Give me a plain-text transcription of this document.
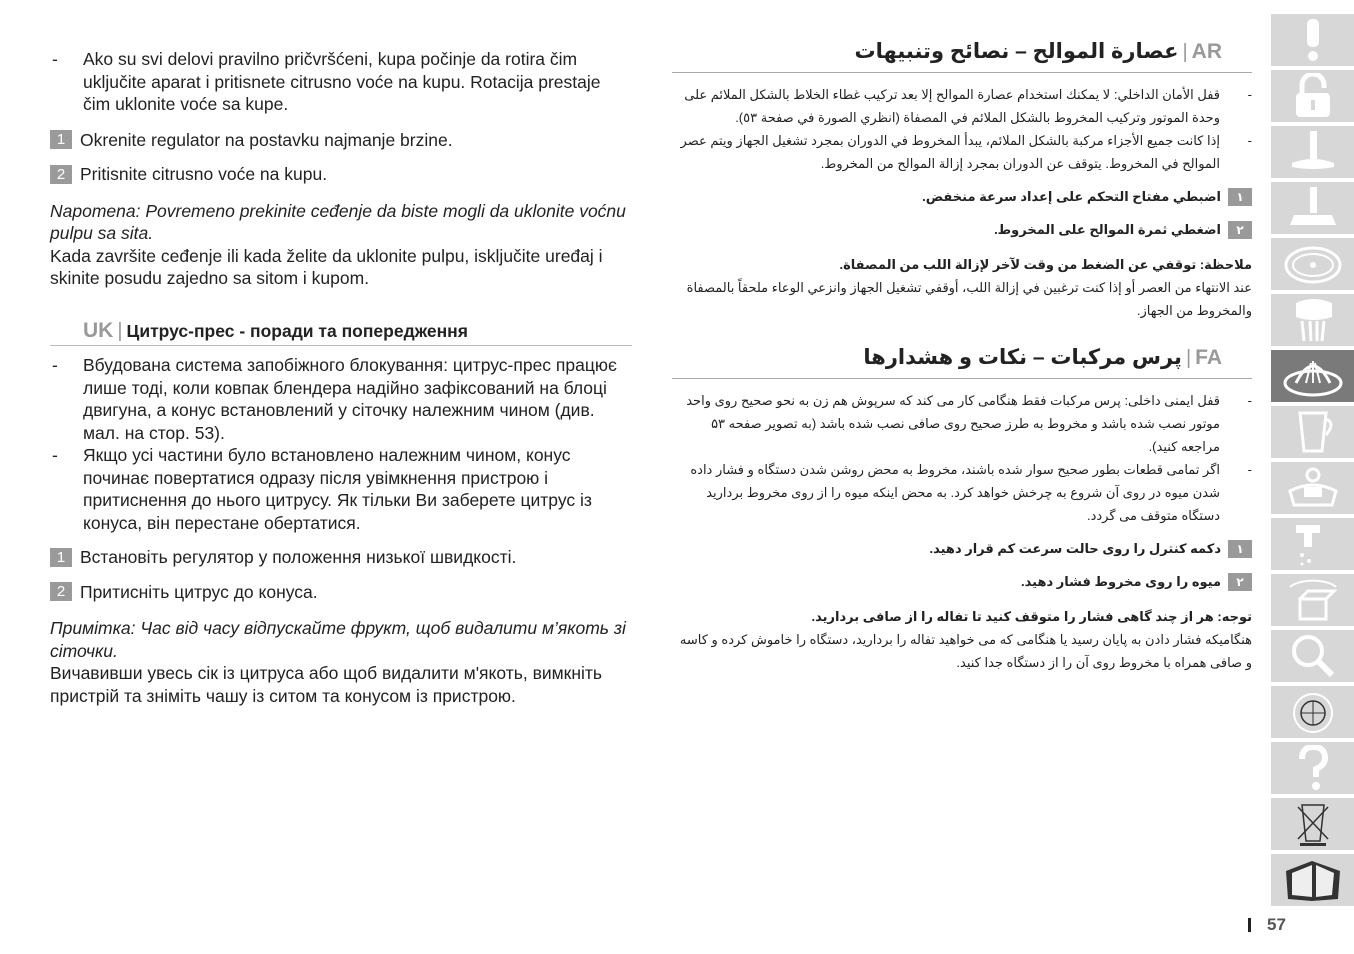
- Ako su svi delovi pravilno pričvršćeni, kupa počinje da rotira čim uključite aparat i pritisnete citrusno voće na kupu. Rotacija prestaje čim uklonite voće sa kupe.
1 Okrenite regulator na postavku najmanje brzine.
2 Pritisnite citrusno voće na kupu.
Napomena: Povremeno prekinite ceđenje da biste mogli da uklonite voćnu pulpu sa sita.
Kada završite ceđenje ili kada želite da uklonite pulpu, isključite uređaj i skinite posudu zajedno sa sitom i kupom.
UK | Цитрус-прес - поради та попередження
- Вбудована система запобіжного блокування: цитрус-прес працює лише тоді, коли ковпак блендера надійно зафіксований на блоці двигуна, а конус встановлений у сіточку належним чином (див. мал. на стор. 53).
- Якщо усі частини було встановлено належним чином, конус починає повертатися одразу після увімкнення пристрою і притиснення до нього цитрусу. Як тільки Ви заберете цитрус із конуса, він перестане обертатися.
1 Встановіть регулятор у положення низької швидкості.
2 Притисніть цитрус до конуса.
Примітка: Час від часу відпускайте фрукт, щоб видалити м’якоть зі сіточки.
Вичавивши увесь сік із цитруса або щоб видалити м'якоть, вимкніть пристрій та зніміть чашу із ситом та конусом із пристрою.
AR|عصارة الموالح – نصائح وتنبيهات
- قفل الأمان الداخلي: لا يمكنك استخدام عصارة الموالح إلا بعد تركيب غطاء الخلاط بالشكل الملائم على وحدة الموتور وتركيب المخروط بالشكل الملائم في المصفاة (انظري الصورة في صفحة ٥٣).
- إذا كانت جميع الأجزاء مركبة بالشكل الملائم، يبدأ المخروط في الدوران بمجرد تشغيل الجهاز ويتم عصر الموالح في المخروط. يتوقف عن الدوران بمجرد إزالة الموالح من المخروط.
١
اضبطي مفتاح التحكم على إعداد سرعة منخفض.
٢
اضغطي ثمرة الموالح على المخروط.
ملاحظة: توقفي عن الضغط من وقت لآخر لإزالة اللب من المصفاة.
عند الانتهاء من العصر أو إذا كنت ترغبين في إزالة اللب، أوقفي تشغيل الجهاز وانزعي الوعاء ملحقاً بالمصفاة والمخروط من الجهاز.
FA|پرس مرکبات – نکات و هشدارها
- قفل ایمنی داخلی: پرس مرکبات فقط هنگامی کار می کند که سرپوش هم زن به نحو صحیح روی واحد موتور نصب شده باشد و مخروط به طرز صحیح روی صافی نصب شده باشد (به تصویر صفحه ۵۳ مراجعه کنید).
- اگر تمامی قطعات بطور صحیح سوار شده باشند، مخروط به محض روشن شدن دستگاه و فشار داده شدن میوه در روی آن شروع به چرخش خواهد کرد. به محض اینکه میوه را از روی مخروط برداريد دستگاه متوقف می گردد.
۱
دکمه کنترل را روی حالت سرعت کم قرار دهید.
۲
میوه را روی مخروط فشار دهید.
توجه: هر از چند گاهی فشار را متوقف کنید تا تفاله را از صافی بردارید.
هنگامیکه فشار دادن به پایان رسید یا هنگامی که می خواهید تفاله را برداريد، دستگاه را خاموش کرده و کاسه و صافی همراه با مخروط روی آن را از دستگاه جدا کنید.
57
